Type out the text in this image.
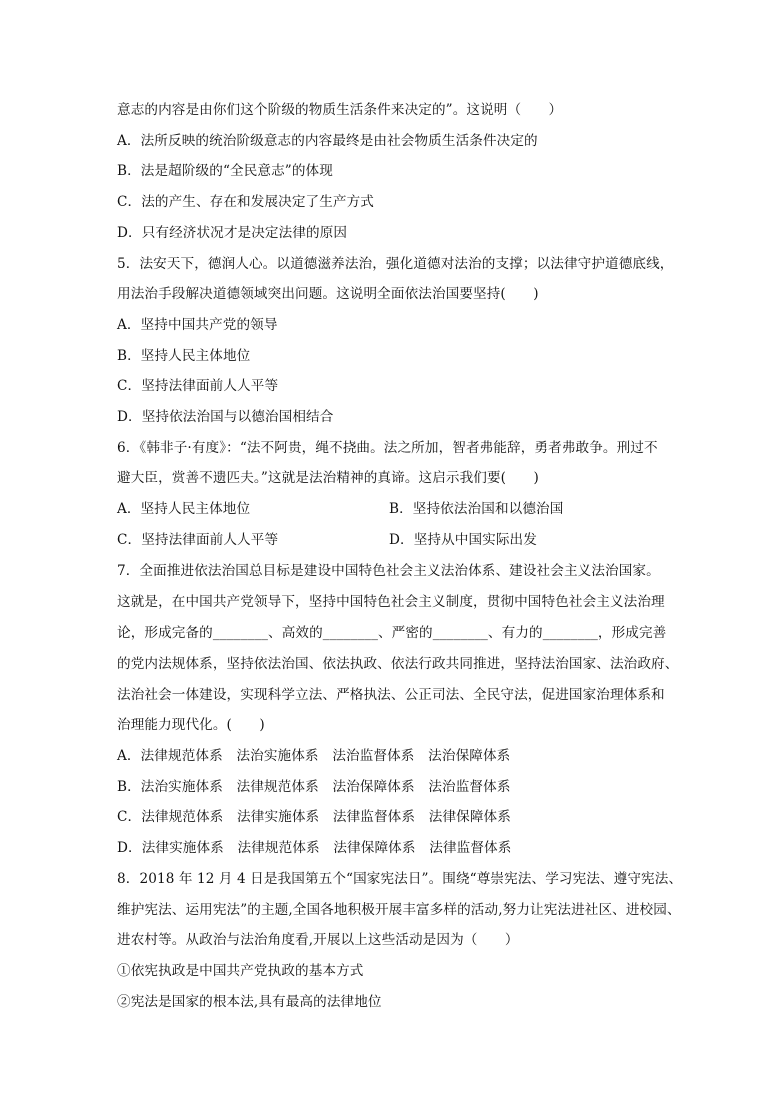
意志的内容是由你们这个阶级的物质生活条件来决定的”。这说明（　　）
A．法所反映的统治阶级意志的内容最终是由社会物质生活条件决定的
B．法是超阶级的“全民意志”的体现
C．法的产生、存在和发展决定了生产方式
D．只有经济状况才是决定法律的原因
5．法安天下，德润人心。以道德滋养法治，强化道德对法治的支撑；以法律守护道德底线，
用法治手段解决道德领域突出问题。这说明全面依法治国要坚持(　　)
A．坚持中国共产党的领导
B．坚持人民主体地位
C．坚持法律面前人人平等
D．坚持依法治国与以德治国相结合
6．《韩非子·有度》：“法不阿贵，绳不挠曲。法之所加，智者弗能辞，勇者弗敢争。刑过不
避大臣，赏善不遗匹夫。”这就是法治精神的真谛。这启示我们要(　　)
A．坚持人民主体地位	B．坚持依法治国和以德治国
C．坚持法律面前人人平等	D．坚持从中国实际出发
7．全面推进依法治国总目标是建设中国特色社会主义法治体系、建设社会主义法治国家。
这就是，在中国共产党领导下，坚持中国特色社会主义制度，贯彻中国特色社会主义法治理
论，形成完备的________、高效的________、严密的________、有力的________，形成完善
的党内法规体系，坚持依法治国、依法执政、依法行政共同推进，坚持法治国家、法治政府、
法治社会一体建设，实现科学立法、严格执法、公正司法、全民守法，促进国家治理体系和
治理能力现代化。(　　)
A．法律规范体系　法治实施体系　法治监督体系　法治保障体系
B．法治实施体系　法律规范体系　法治保障体系　法治监督体系
C．法律规范体系　法律实施体系　法律监督体系　法律保障体系
D．法律实施体系　法律规范体系　法律保障体系　法律监督体系
8．2018 年 12 月 4 日是我国第五个“国家宪法日”。围绕“尊崇宪法、学习宪法、遵守宪法、
维护宪法、运用宪法”的主题,全国各地积极开展丰富多样的活动,努力让宪法进社区、进校园、
进农村等。从政治与法治角度看,开展以上这些活动是因为（　　）
①依宪执政是中国共产党执政的基本方式
②宪法是国家的根本法,具有最高的法律地位
